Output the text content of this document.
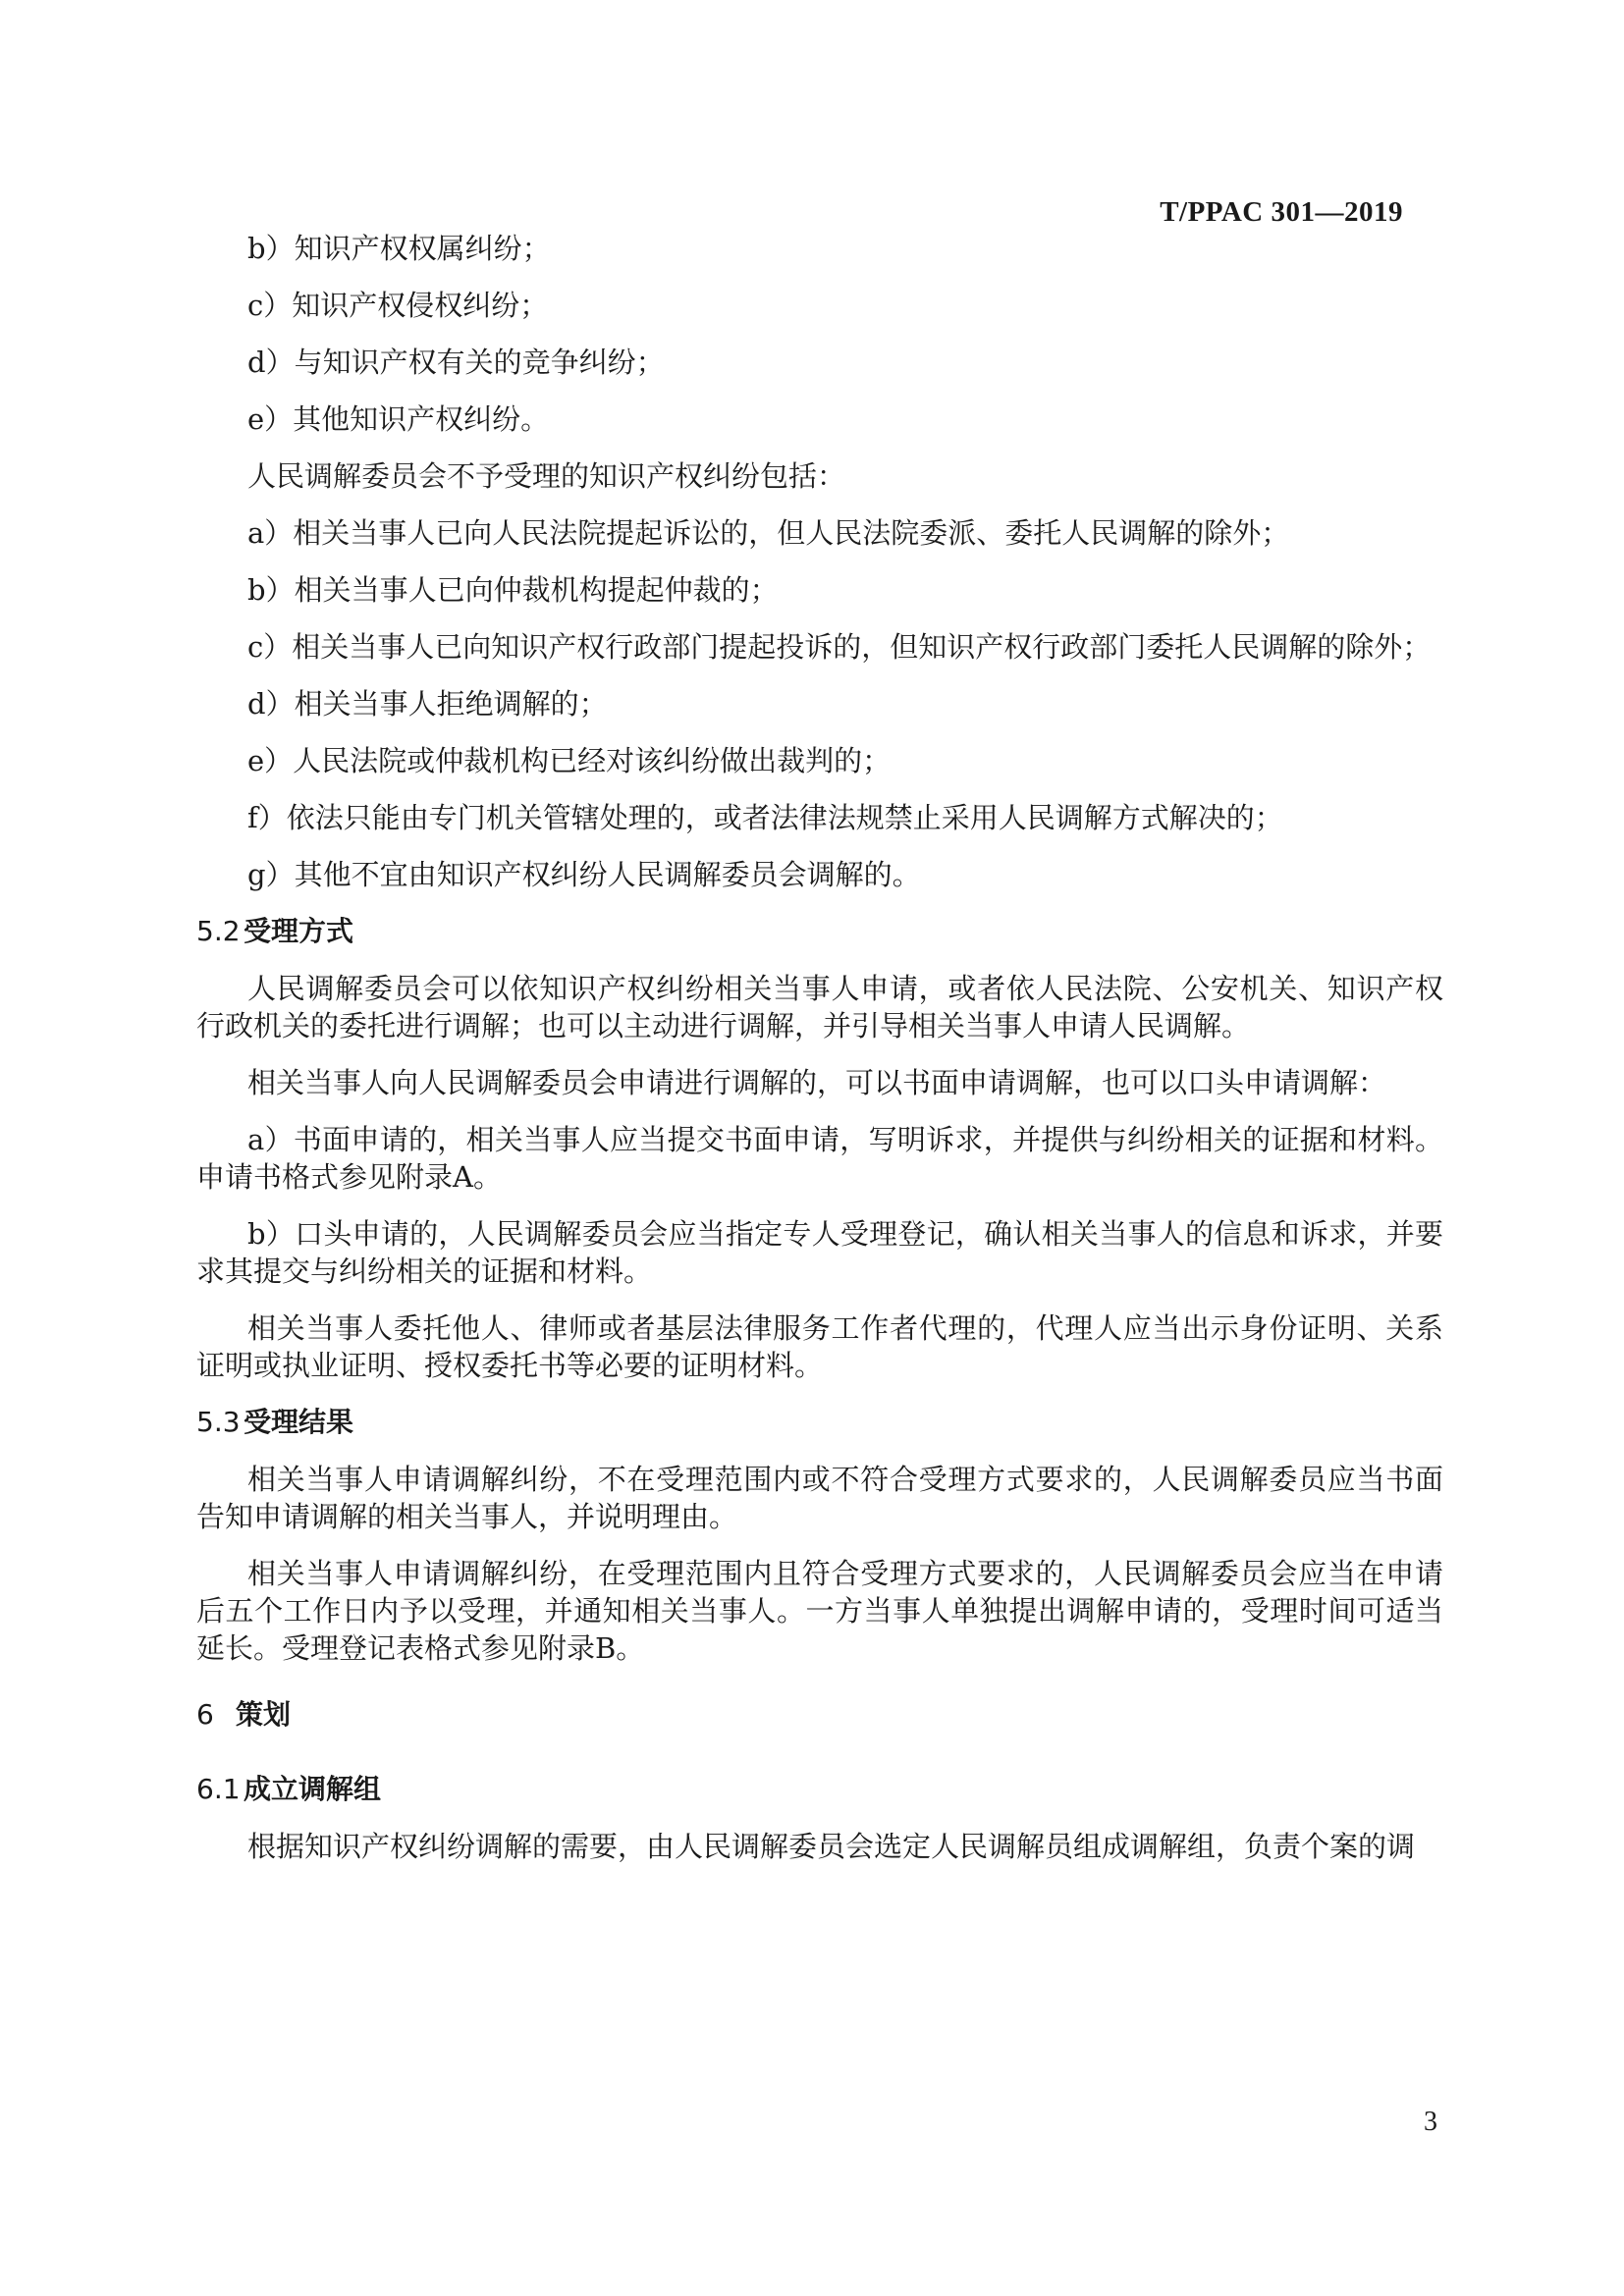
T/PPAC 301—2019
b）知识产权权属纠纷；
c）知识产权侵权纠纷；
d）与知识产权有关的竞争纠纷；
e）其他知识产权纠纷。
人民调解委员会不予受理的知识产权纠纷包括：
a）相关当事人已向人民法院提起诉讼的，但人民法院委派、委托人民调解的除外；
b）相关当事人已向仲裁机构提起仲裁的；
c）相关当事人已向知识产权行政部门提起投诉的，但知识产权行政部门委托人民调解的除外；
d）相关当事人拒绝调解的；
e）人民法院或仲裁机构已经对该纠纷做出裁判的；
f）依法只能由专门机关管辖处理的，或者法律法规禁止采用人民调解方式解决的；
g）其他不宜由知识产权纠纷人民调解委员会调解的。
5.2 受理方式
人民调解委员会可以依知识产权纠纷相关当事人申请，或者依人民法院、公安机关、知识产权
行政机关的委托进行调解；也可以主动进行调解，并引导相关当事人申请人民调解。
相关当事人向人民调解委员会申请进行调解的，可以书面申请调解，也可以口头申请调解：
a）书面申请的，相关当事人应当提交书面申请，写明诉求，并提供与纠纷相关的证据和材料。
申请书格式参见附录A。
b）口头申请的，人民调解委员会应当指定专人受理登记，确认相关当事人的信息和诉求，并要
求其提交与纠纷相关的证据和材料。
相关当事人委托他人、律师或者基层法律服务工作者代理的，代理人应当出示身份证明、关系
证明或执业证明、授权委托书等必要的证明材料。
5.3 受理结果
相关当事人申请调解纠纷，不在受理范围内或不符合受理方式要求的，人民调解委员应当书面
告知申请调解的相关当事人，并说明理由。
相关当事人申请调解纠纷，在受理范围内且符合受理方式要求的，人民调解委员会应当在申请
后五个工作日内予以受理，并通知相关当事人。一方当事人单独提出调解申请的，受理时间可适当
延长。受理登记表格式参见附录B。
6 策划
6.1 成立调解组
根据知识产权纠纷调解的需要，由人民调解委员会选定人民调解员组成调解组，负责个案的调
3
